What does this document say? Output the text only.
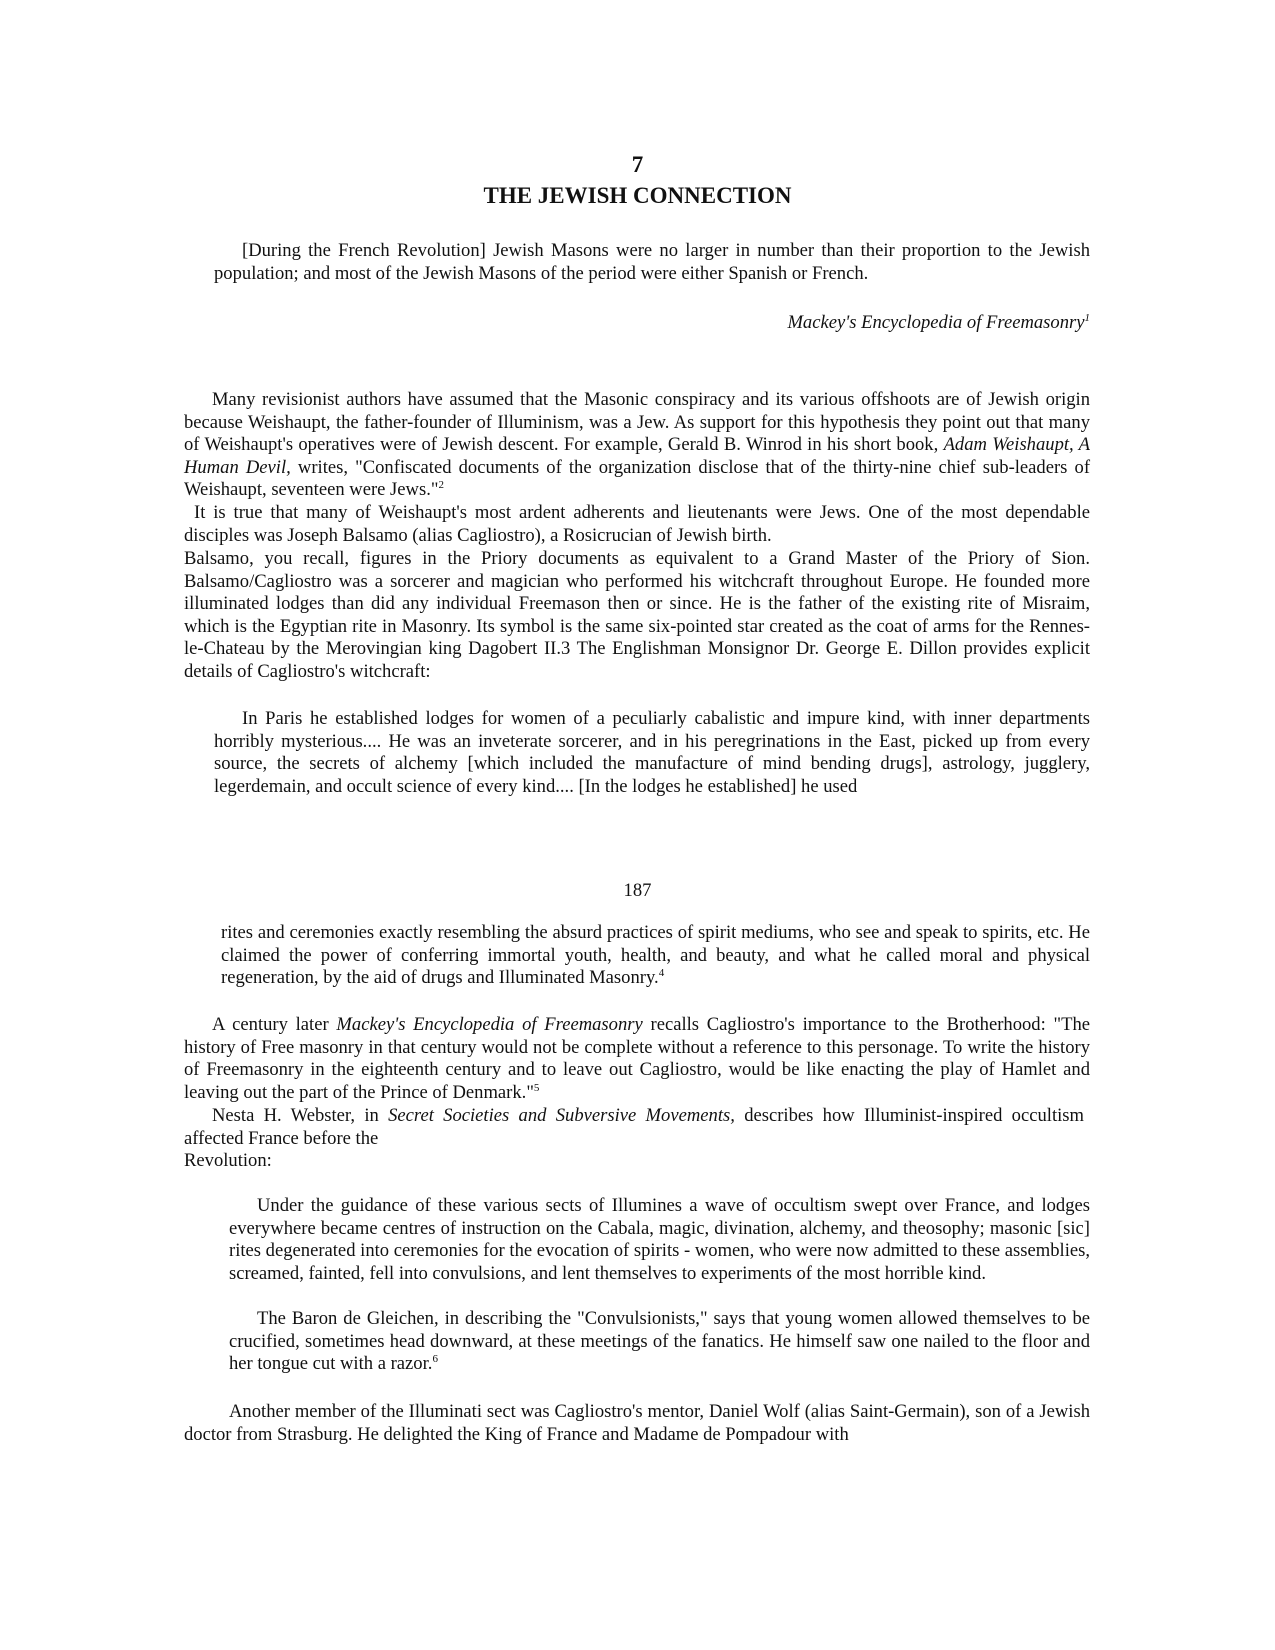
7
THE JEWISH CONNECTION
[During the French Revolution] Jewish Masons were no larger in number than their proportion to the Jewish population; and most of the Jewish Masons of the period were either Spanish or French.
Mackey's Encyclopedia of Freemasonry$^1$
Many revisionist authors have assumed that the Masonic conspiracy and its various offshoots are of Jewish origin because Weishaupt, the father-founder of Illuminism, was a Jew. As support for this hypothesis they point out that many of Weishaupt's operatives were of Jewish descent. For example, Gerald B. Winrod in his short book, Adam Weishaupt, A Human Devil, writes, "Confiscated documents of the organization disclose that of the thirty-nine chief sub-leaders of Weishaupt, seventeen were Jews."$^2$
It is true that many of Weishaupt's most ardent adherents and lieutenants were Jews. One of the most dependable disciples was Joseph Balsamo (alias Cagliostro), a Rosicrucian of Jewish birth.
Balsamo, you recall, figures in the Priory documents as equivalent to a Grand Master of the Priory of Sion. Balsamo/Cagliostro was a sorcerer and magician who performed his witchcraft throughout Europe. He founded more illuminated lodges than did any individual Freemason then or since. He is the father of the existing rite of Misraim, which is the Egyptian rite in Masonry. Its symbol is the same six-pointed star created as the coat of arms for the Rennes-le-Chateau by the Merovingian king Dagobert II.3 The Englishman Monsignor Dr. George E. Dillon provides explicit details of Cagliostro's witchcraft:
In Paris he established lodges for women of a peculiarly cabalistic and impure kind, with inner departments horribly mysterious.... He was an inveterate sorcerer, and in his peregrinations in the East, picked up from every source, the secrets of alchemy [which included the manufacture of mind bending drugs], astrology, jugglery, legerdemain, and occult science of every kind.... [In the lodges he established] he used
187
rites and ceremonies exactly resembling the absurd practices of spirit mediums, who see and speak to spirits, etc. He claimed the power of conferring immortal youth, health, and beauty, and what he called moral and physical regeneration, by the aid of drugs and Illuminated Masonry.$^4$
A century later Mackey's Encyclopedia of Freemasonry recalls Cagliostro's importance to the Brotherhood: "The history of Free masonry in that century would not be complete without a reference to this personage. To write the history of Freemasonry in the eighteenth century and to leave out Cagliostro, would be like enacting the play of Hamlet and leaving out the part of the Prince of Denmark."$^5$
Nesta H. Webster, in Secret Societies and Subversive Movements, describes how Illuminist-inspired occultism affected France before the
Revolution:
Under the guidance of these various sects of Illumines a wave of occultism swept over France, and lodges everywhere became centres of instruction on the Cabala, magic, divination, alchemy, and theosophy; masonic [sic] rites degenerated into ceremonies for the evocation of spirits - women, who were now admitted to these assemblies, screamed, fainted, fell into convulsions, and lent themselves to experiments of the most horrible kind.
The Baron de Gleichen, in describing the "Convulsionists," says that young women allowed themselves to be crucified, sometimes head downward, at these meetings of the fanatics. He himself saw one nailed to the floor and her tongue cut with a razor.$^6$
Another member of the Illuminati sect was Cagliostro's mentor, Daniel Wolf (alias Saint-Germain), son of a Jewish doctor from Strasburg. He delighted the King of France and Madame de Pompadour with
